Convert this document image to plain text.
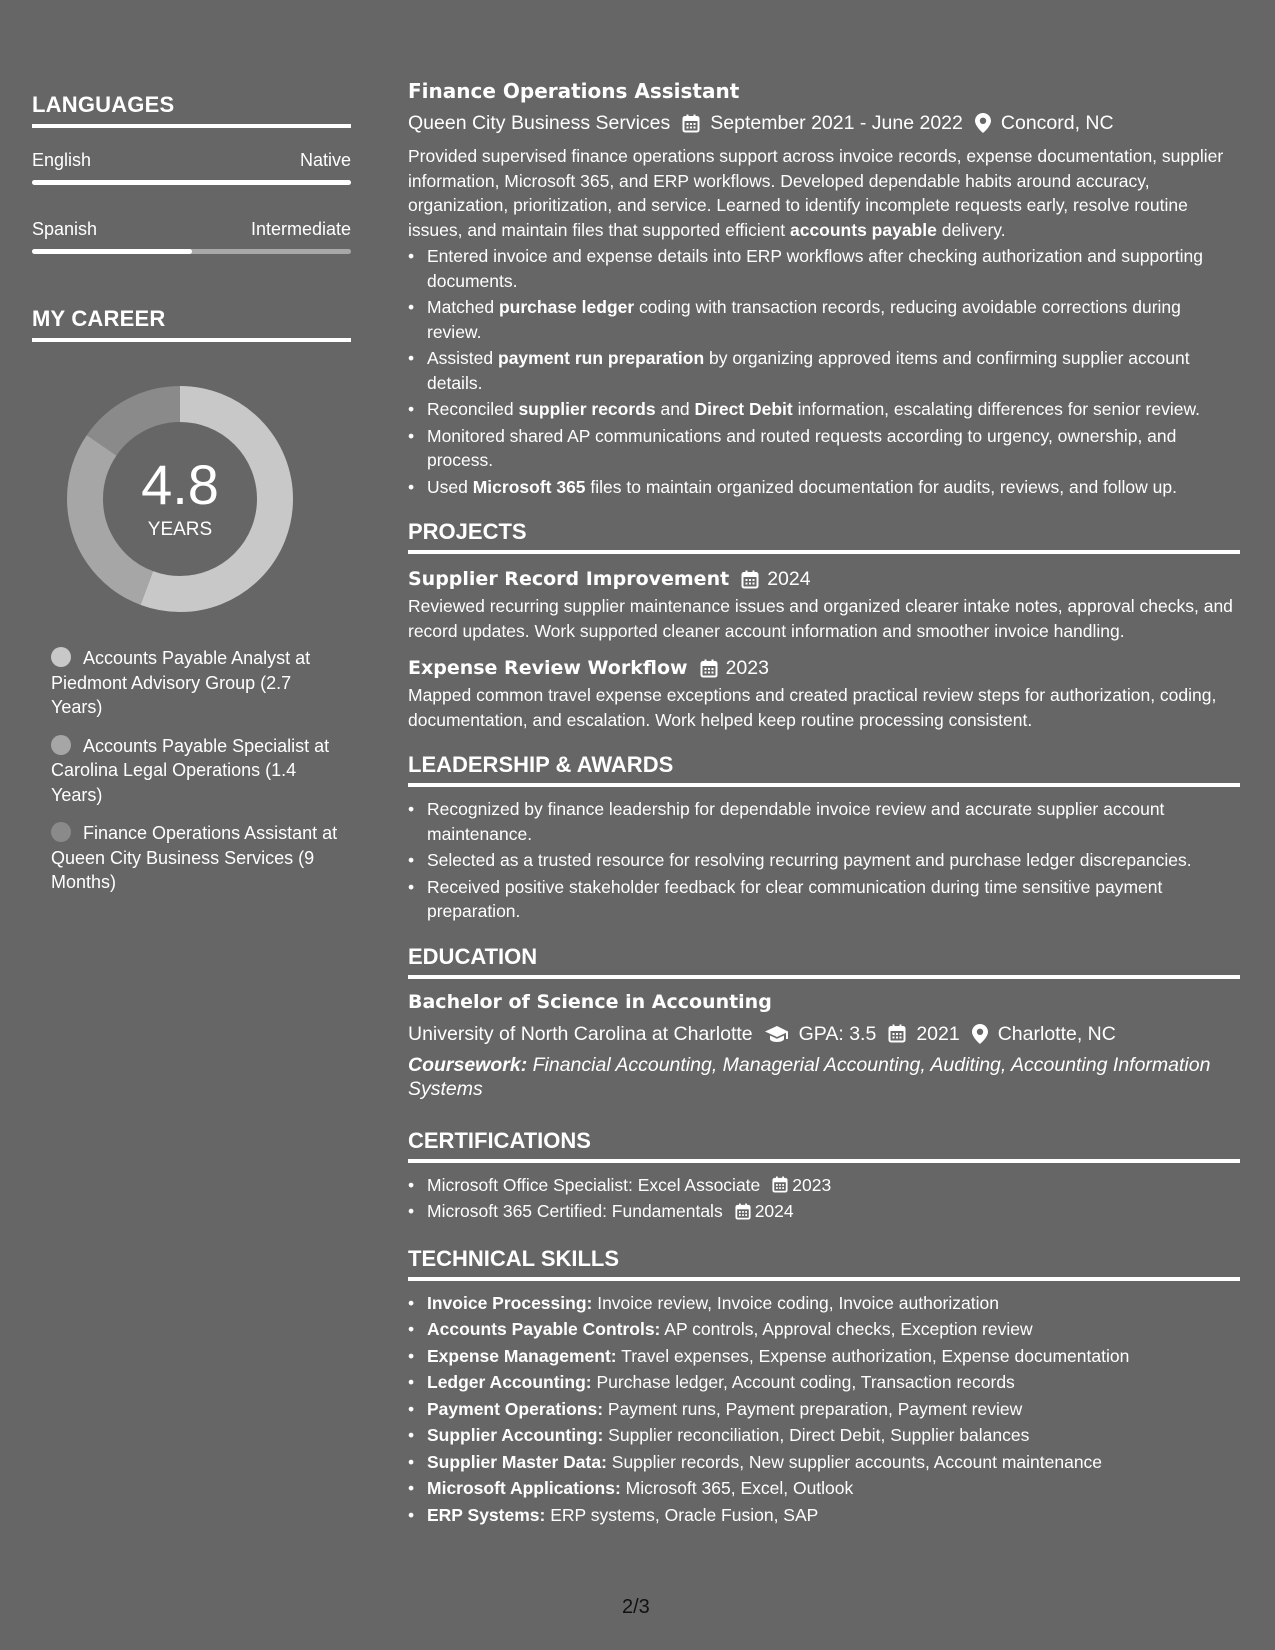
LANGUAGES
English	Native
Spanish	Intermediate
MY CAREER
4.8
YEARS
Accounts Payable Analyst at Piedmont Advisory Group (2.7 Years)
Accounts Payable Specialist at Carolina Legal Operations (1.4 Years)
Finance Operations Assistant at Queen City Business Services (9 Months)
Finance Operations Assistant
Queen City Business Services September 2021 - June 2022 Concord, NC
Provided supervised finance operations support across invoice records, expense documentation, supplier information, Microsoft 365, and ERP workflows. Developed dependable habits around accuracy, organization, prioritization, and service. Learned to identify incomplete requests early, resolve routine issues, and maintain files that supported efficient accounts payable delivery.
• Entered invoice and expense details into ERP workflows after checking authorization and supporting documents.
• Matched purchase ledger coding with transaction records, reducing avoidable corrections during review.
• Assisted payment run preparation by organizing approved items and confirming supplier account details.
• Reconciled supplier records and Direct Debit information, escalating differences for senior review.
• Monitored shared AP communications and routed requests according to urgency, ownership, and process.
• Used Microsoft 365 files to maintain organized documentation for audits, reviews, and follow up.
PROJECTS
Supplier Record Improvement 2024
Reviewed recurring supplier maintenance issues and organized clearer intake notes, approval checks, and record updates. Work supported cleaner account information and smoother invoice handling.
Expense Review Workflow 2023
Mapped common travel expense exceptions and created practical review steps for authorization, coding, documentation, and escalation. Work helped keep routine processing consistent.
LEADERSHIP & AWARDS
• Recognized by finance leadership for dependable invoice review and accurate supplier account maintenance.
• Selected as a trusted resource for resolving recurring payment and purchase ledger discrepancies.
• Received positive stakeholder feedback for clear communication during time sensitive payment preparation.
EDUCATION
Bachelor of Science in Accounting
University of North Carolina at Charlotte GPA: 3.5 2021 Charlotte, NC
Coursework: Financial Accounting, Managerial Accounting, Auditing, Accounting Information Systems
CERTIFICATIONS
• Microsoft Office Specialist: Excel Associate 2023
• Microsoft 365 Certified: Fundamentals 2024
TECHNICAL SKILLS
• Invoice Processing: Invoice review, Invoice coding, Invoice authorization
• Accounts Payable Controls: AP controls, Approval checks, Exception review
• Expense Management: Travel expenses, Expense authorization, Expense documentation
• Ledger Accounting: Purchase ledger, Account coding, Transaction records
• Payment Operations: Payment runs, Payment preparation, Payment review
• Supplier Accounting: Supplier reconciliation, Direct Debit, Supplier balances
• Supplier Master Data: Supplier records, New supplier accounts, Account maintenance
• Microsoft Applications: Microsoft 365, Excel, Outlook
• ERP Systems: ERP systems, Oracle Fusion, SAP
2/3
